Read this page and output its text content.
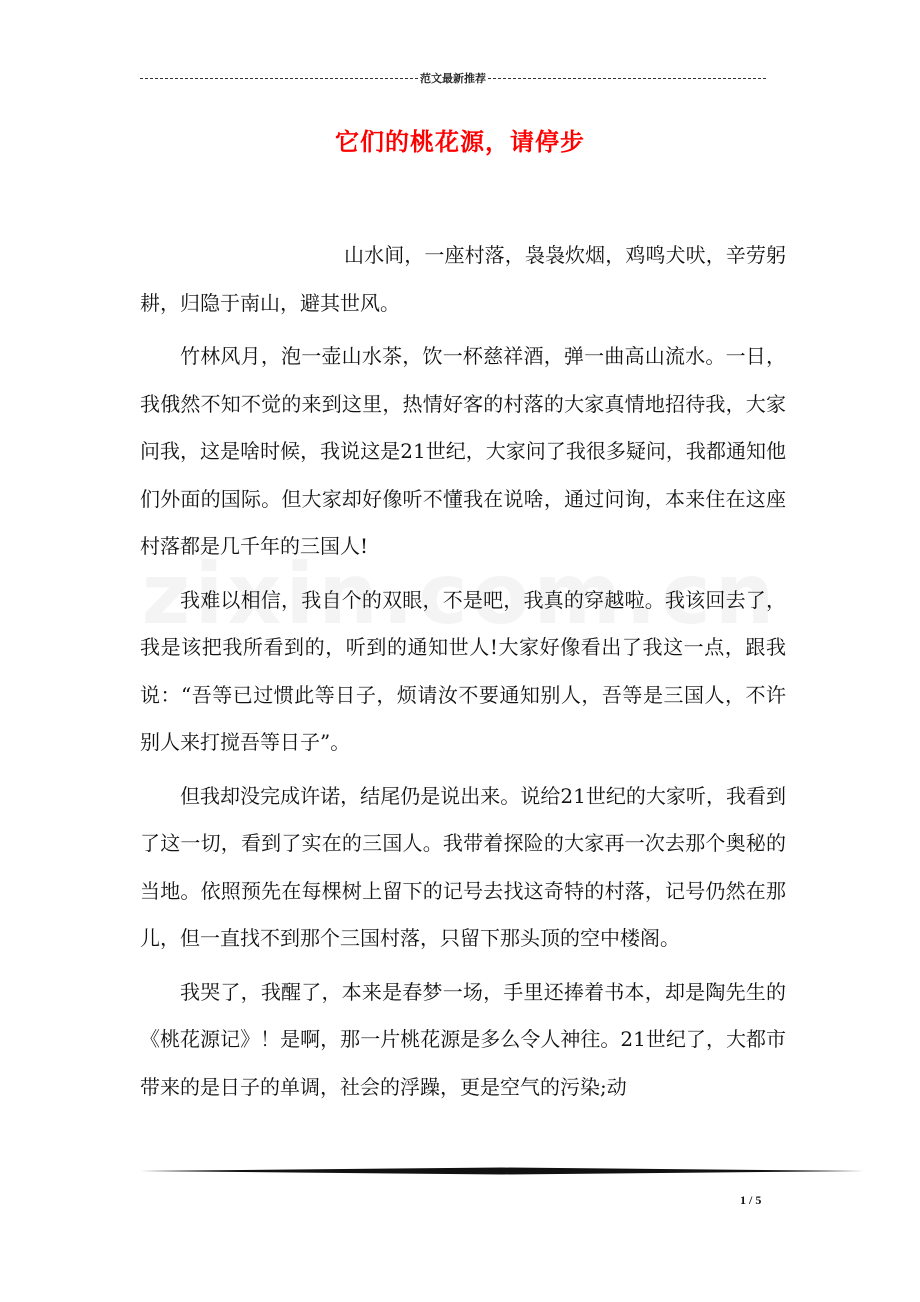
范文最新推荐
它们的桃花源，请停步

山水间，一座村落，袅袅炊烟，鸡鸣犬吠，辛劳躬耕，归隐于南山，避其世风。

竹林风月，泡一壶山水茶，饮一杯慈祥酒，弹一曲高山流水。一日，我俄然不知不觉的来到这里，热情好客的村落的大家真情地招待我，大家问我，这是啥时候，我说这是21世纪，大家问了我很多疑问，我都通知他们外面的国际。但大家却好像听不懂我在说啥，通过问询，本来住在这座村落都是几千年的三国人!

我难以相信，我自个的双眼，不是吧，我真的穿越啦。我该回去了，我是该把我所看到的，听到的通知世人!大家好像看出了我这一点，跟我说：“吾等已过惯此等日子，烦请汝不要通知别人，吾等是三国人，不许别人来打搅吾等日子”。

但我却没完成许诺，结尾仍是说出来。说给21世纪的大家听，我看到了这一切，看到了实在的三国人。我带着探险的大家再一次去那个奥秘的当地。依照预先在每棵树上留下的记号去找这奇特的村落，记号仍然在那儿，但一直找不到那个三国村落，只留下那头顶的空中楼阁。

我哭了，我醒了，本来是春梦一场，手里还捧着书本，却是陶先生的《桃花源记》！是啊，那一片桃花源是多么令人神往。21世纪了，大都市带来的是日子的单调，社会的浮躁，更是空气的污染;动

1 / 5
